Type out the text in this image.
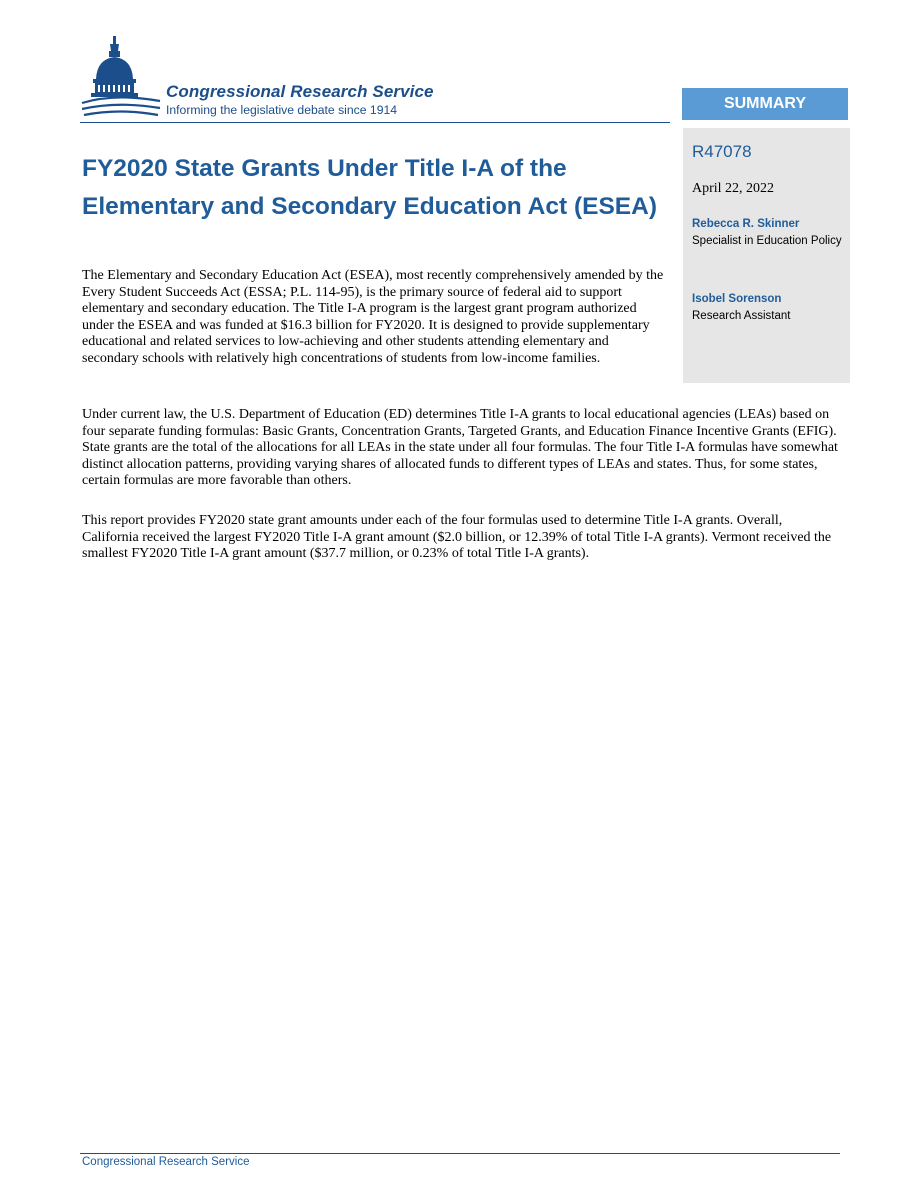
Congressional Research Service
Informing the legislative debate since 1914	SUMMARY
R47078
April 22, 2022
Rebecca R. Skinner
Specialist in Education Policy
Isobel Sorenson
Research Assistant
FY2020 State Grants Under Title I-A of the Elementary and Secondary Education Act (ESEA)

The Elementary and Secondary Education Act (ESEA), most recently comprehensively amended by the Every Student Succeeds Act (ESSA; P.L. 114-95), is the primary source of federal aid to support elementary and secondary education. The Title I-A program is the largest grant program authorized under the ESEA and was funded at $16.3 billion for FY2020. It is designed to provide supplementary educational and related services to low-achieving and other students attending elementary and secondary schools with relatively high concentrations of students from low-income families.

Under current law, the U.S. Department of Education (ED) determines Title I-A grants to local educational agencies (LEAs) based on four separate funding formulas: Basic Grants, Concentration Grants, Targeted Grants, and Education Finance Incentive Grants (EFIG). State grants are the total of the allocations for all LEAs in the state under all four formulas. The four Title I-A formulas have somewhat distinct allocation patterns, providing varying shares of allocated funds to different types of LEAs and states. Thus, for some states, certain formulas are more favorable than others.

This report provides FY2020 state grant amounts under each of the four formulas used to determine Title I-A grants. Overall, California received the largest FY2020 Title I-A grant amount ($2.0 billion, or 12.39% of total Title I-A grants). Vermont received the smallest FY2020 Title I-A grant amount ($37.7 million, or 0.23% of total Title I-A grants).

Congressional Research Service
